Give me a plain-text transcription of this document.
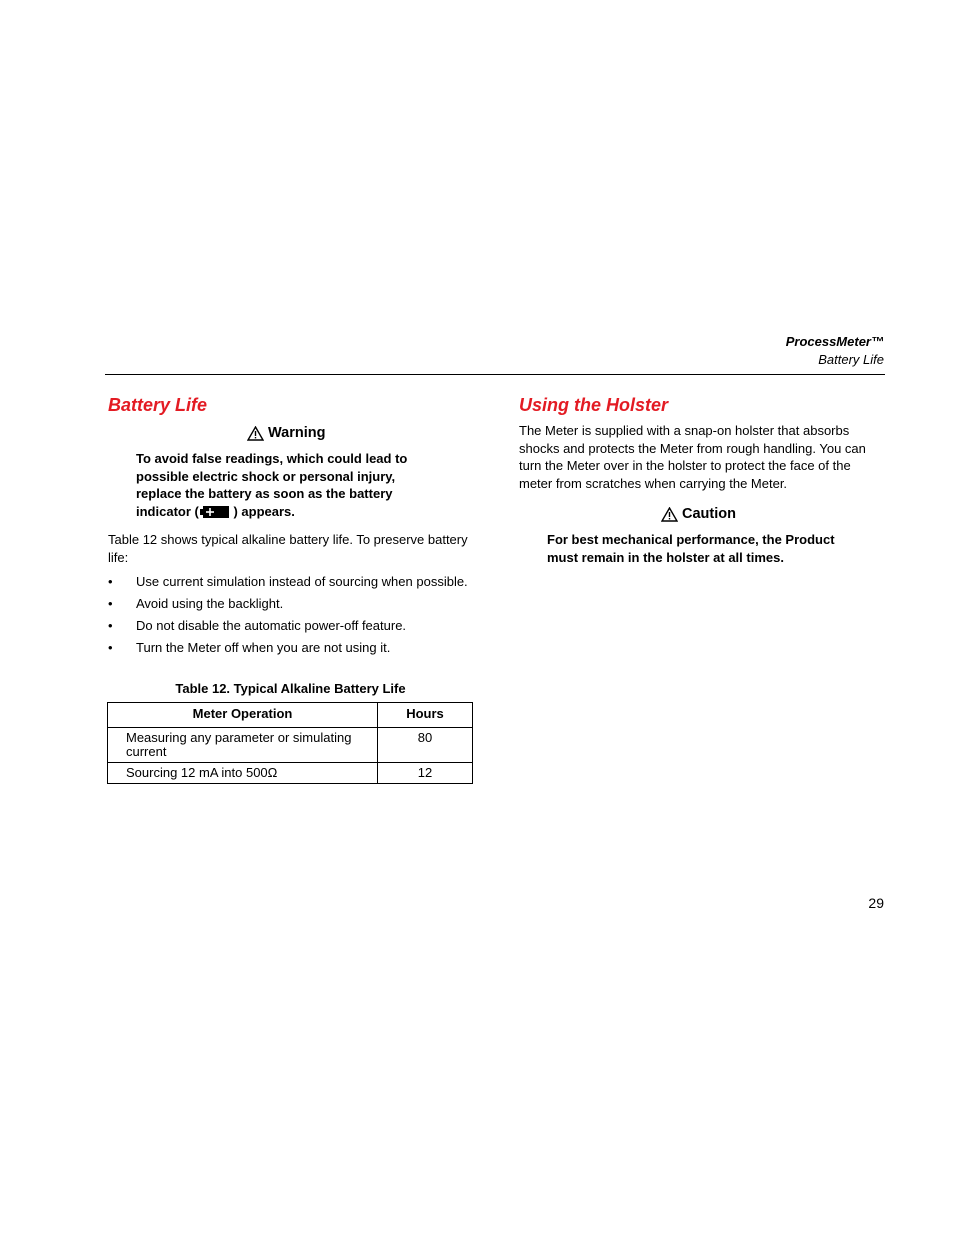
ProcessMeter™
Battery Life
Battery Life
Warning
To avoid false readings, which could lead to possible electric shock or personal injury, replace the battery as soon as the battery indicator ( ) appears.
Table 12 shows typical alkaline battery life. To preserve battery life:
• Use current simulation instead of sourcing when possible.
• Avoid using the backlight.
• Do not disable the automatic power-off feature.
• Turn the Meter off when you are not using it.
Table 12. Typical Alkaline Battery Life
Meter Operation	Hours
Measuring any parameter or simulating current	80
Sourcing 12 mA into 500Ω	12
Using the Holster
The Meter is supplied with a snap-on holster that absorbs shocks and protects the Meter from rough handling. You can turn the Meter over in the holster to protect the face of the meter from scratches when carrying the Meter.
Caution
For best mechanical performance, the Product must remain in the holster at all times.
29
